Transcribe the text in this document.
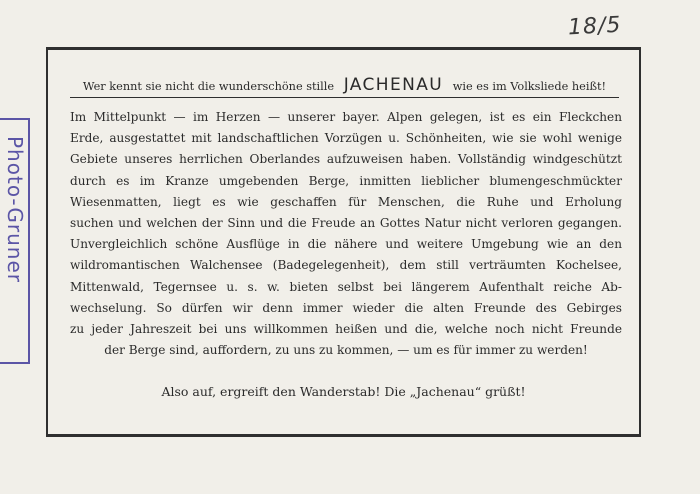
18/5
Photo-Gruner
Wer kennt sie nicht die wunderschöne stille JACHENAU wie es im Volksliede heißt!
Im Mittelpunkt — im Herzen — unserer bayer. Alpen gelegen, ist es ein Fleckchen
Erde, ausgestattet mit landschaftlichen Vorzügen u. Schönheiten, wie sie wohl wenige
Gebiete unseres herrlichen Oberlandes aufzuweisen haben. Vollständig windgeschützt
durch es im Kranze umgebenden Berge, inmitten lieblicher blumengeschmückter
Wiesenmatten, liegt es wie geschaffen für Menschen, die Ruhe und Erholung
suchen und welchen der Sinn und die Freude an Gottes Natur nicht verloren gegangen.
Unvergleichlich schöne Ausflüge in die nähere und weitere Umgebung wie an den
wildromantischen Walchensee (Badegelegenheit), dem still verträumten Kochelsee,
Mittenwald, Tegernsee u. s. w. bieten selbst bei längerem Aufenthalt reiche Ab-
wechselung. So dürfen wir denn immer wieder die alten Freunde des Gebirges
zu jeder Jahreszeit bei uns willkommen heißen und die, welche noch nicht Freunde
der Berge sind, auffordern, zu uns zu kommen, — um es für immer zu werden!
Also auf, ergreift den Wanderstab! Die „Jachenau“ grüßt!
